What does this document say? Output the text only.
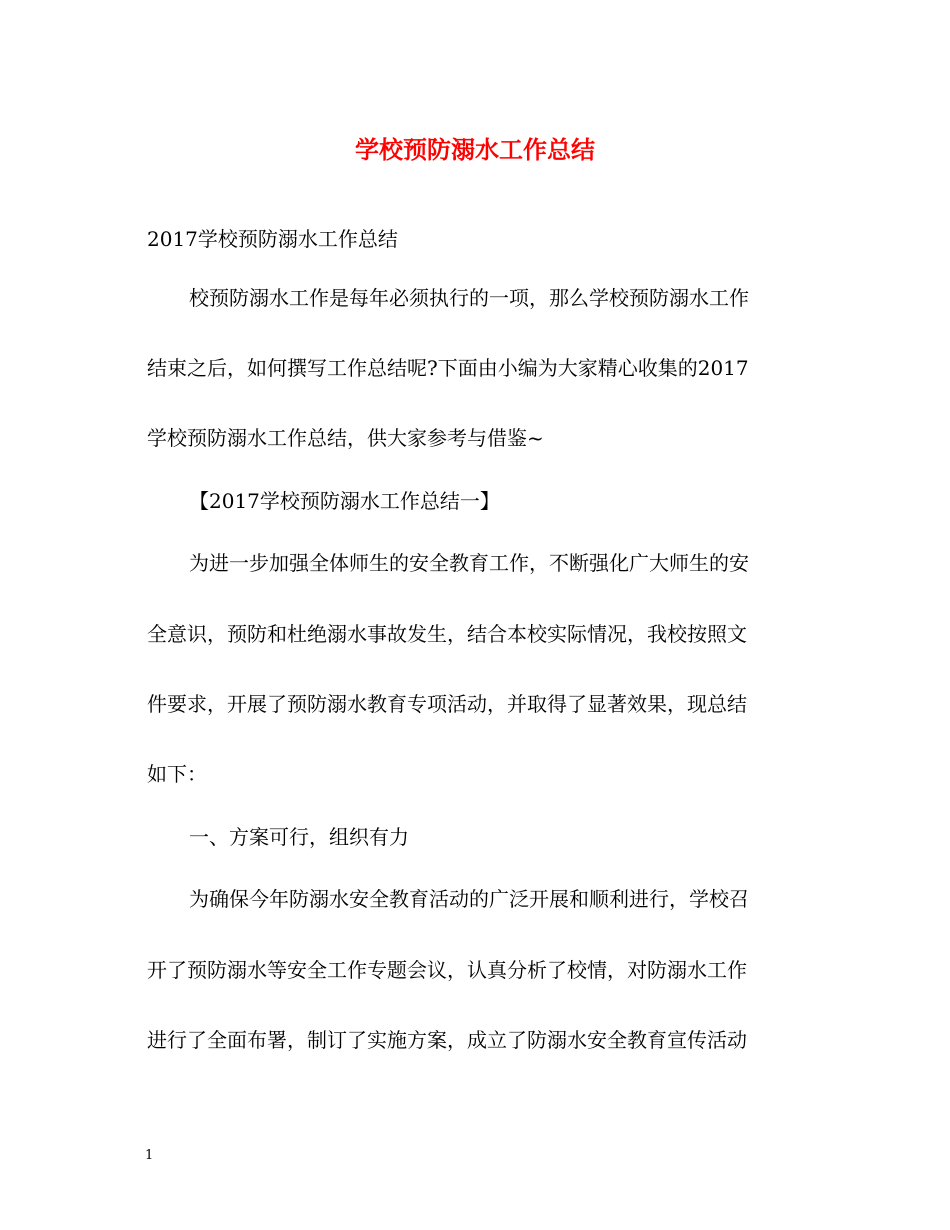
学校预防溺水工作总结
2017学校预防溺水工作总结
校预防溺水工作是每年必须执行的一项，那么学校预防溺水工作
结束之后，如何撰写工作总结呢?下面由小编为大家精心收集的2017
学校预防溺水工作总结，供大家参考与借鉴~
【2017学校预防溺水工作总结一】
为进一步加强全体师生的安全教育工作，不断强化广大师生的安
全意识，预防和杜绝溺水事故发生，结合本校实际情况，我校按照文
件要求，开展了预防溺水教育专项活动，并取得了显著效果，现总结
如下：
一、方案可行，组织有力
为确保今年防溺水安全教育活动的广泛开展和顺利进行，学校召
开了预防溺水等安全工作专题会议，认真分析了校情，对防溺水工作
进行了全面布署，制订了实施方案，成立了防溺水安全教育宣传活动
1
